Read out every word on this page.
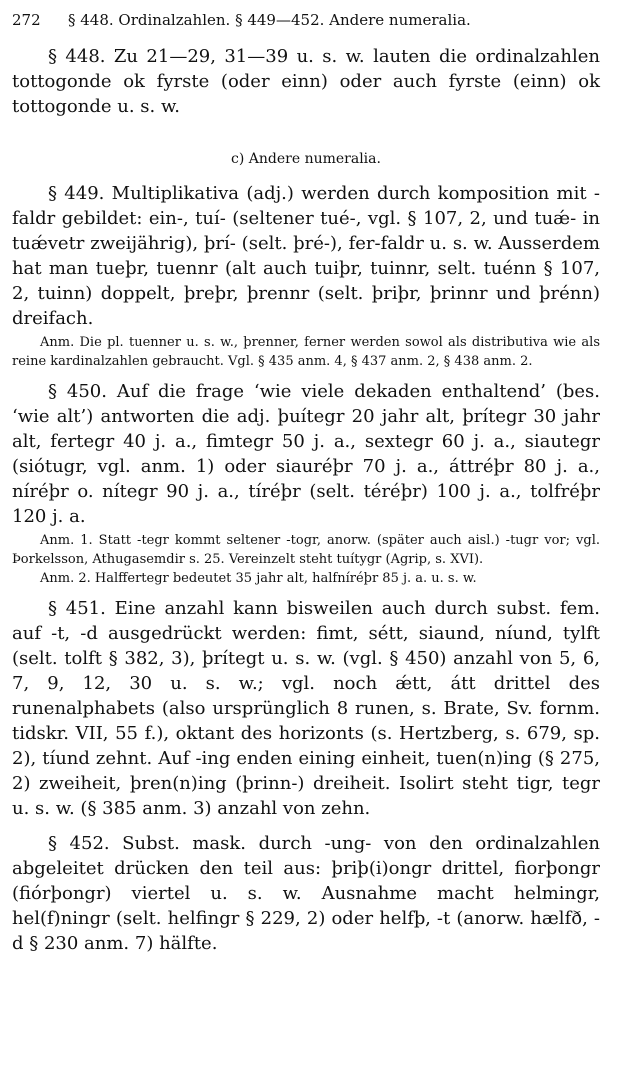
272 § 448. Ordinalzahlen. § 449—452. Andere numeralia.

§ 448. Zu 21—29, 31—39 u. s. w. lauten die ordinalzahlen tottogonde ok fyrste (oder einn) oder auch fyrste (einn) ok tottogonde u. s. w.

c) Andere numeralia.

§ 449. Multiplikativa (adj.) werden durch komposition mit -faldr gebildet: ein-, tuí- (seltener tué-, vgl. § 107, 2, und tuǽ- in tuǽvetr zweijährig), þrí- (selt. þré-), fer-faldr u. s. w. Ausserdem hat man tueþr, tuennr (alt auch tuiþr, tuinnr, selt. tuénn § 107, 2, tuinn) doppelt, þreþr, þrennr (selt. þriþr, þrinnr und þrénn) dreifach.

Anm. Die pl. tuenner u. s. w., þrenner, ferner werden sowol als distributiva wie als reine kardinalzahlen gebraucht. Vgl. § 435 anm. 4, § 437 anm. 2, § 438 anm. 2.

§ 450. Auf die frage ‘wie viele dekaden enthaltend’ (bes. ‘wie alt’) antworten die adj. þuítegr 20 jahr alt, þrítegr 30 jahr alt, fertegr 40 j. a., fimtegr 50 j. a., sextegr 60 j. a., siautegr (siótugr, vgl. anm. 1) oder siauréþr 70 j. a., áttréþr 80 j. a., níréþr o. nítegr 90 j. a., tíréþr (selt. téréþr) 100 j. a., tolfréþr 120 j. a.

Anm. 1. Statt -tegr kommt seltener -togr, anorw. (später auch aisl.) -tugr vor; vgl. Þorkelsson, Athugasemdir s. 25. Vereinzelt steht tuítygr (Agrip, s. XVI).

Anm. 2. Halffertegr bedeutet 35 jahr alt, halfníréþr 85 j. a. u. s. w.

§ 451. Eine anzahl kann bisweilen auch durch subst. fem. auf -t, -d ausgedrückt werden: fimt, sétt, siaund, níund, tylft (selt. tolft § 382, 3), þrítegt u. s. w. (vgl. § 450) anzahl von 5, 6, 7, 9, 12, 30 u. s. w.; vgl. noch ǽtt, átt drittel des runenalphabets (also ursprünglich 8 runen, s. Brate, Sv. fornm. tidskr. VII, 55 f.), oktant des horizonts (s. Hertzberg, s. 679, sp. 2), tíund zehnt. Auf -ing enden eining einheit, tuen(n)ing (§ 275, 2) zweiheit, þren(n)ing (þrinn-) dreiheit. Isolirt steht tigr, tegr u. s. w. (§ 385 anm. 3) anzahl von zehn.

§ 452. Subst. mask. durch -ung- von den ordinalzahlen abgeleitet drücken den teil aus: þriþ(i)ongr drittel, fiorþongr (fiórþongr) viertel u. s. w. Ausnahme macht helmingr, hel(f)ningr (selt. helfingr § 229, 2) oder helfþ, -t (anorw. hælfð, -d § 230 anm. 7) hälfte.
